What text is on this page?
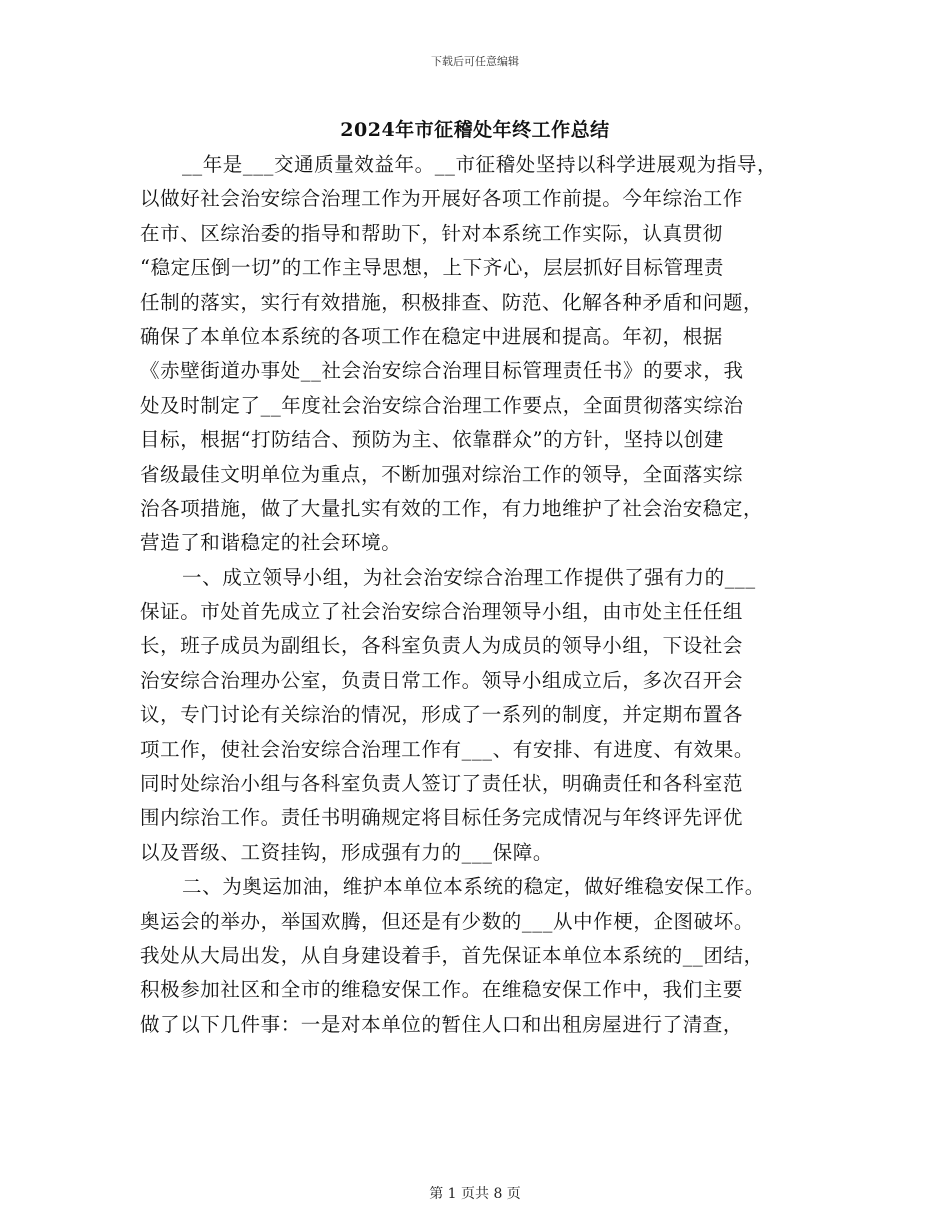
下载后可任意编辑
2024年市征稽处年终工作总结
__年是___交通质量效益年。__市征稽处坚持以科学进展观为指导，
以做好社会治安综合治理工作为开展好各项工作前提。今年综治工作
在市、区综治委的指导和帮助下，针对本系统工作实际，认真贯彻
“稳定压倒一切”的工作主导思想，上下齐心，层层抓好目标管理责
任制的落实，实行有效措施，积极排查、防范、化解各种矛盾和问题，
确保了本单位本系统的各项工作在稳定中进展和提高。年初，根据
《赤壁街道办事处__社会治安综合治理目标管理责任书》的要求，我
处及时制定了__年度社会治安综合治理工作要点，全面贯彻落实综治
目标，根据“打防结合、预防为主、依靠群众”的方针，坚持以创建
省级最佳文明单位为重点，不断加强对综治工作的领导，全面落实综
治各项措施，做了大量扎实有效的工作，有力地维护了社会治安稳定，
营造了和谐稳定的社会环境。
一、成立领导小组，为社会治安综合治理工作提供了强有力的___
保证。市处首先成立了社会治安综合治理领导小组，由市处主任任组
长，班子成员为副组长，各科室负责人为成员的领导小组，下设社会
治安综合治理办公室，负责日常工作。领导小组成立后，多次召开会
议，专门讨论有关综治的情况，形成了一系列的制度，并定期布置各
项工作，使社会治安综合治理工作有___、有安排、有进度、有效果。
同时处综治小组与各科室负责人签订了责任状，明确责任和各科室范
围内综治工作。责任书明确规定将目标任务完成情况与年终评先评优
以及晋级、工资挂钩，形成强有力的___保障。
二、为奥运加油，维护本单位本系统的稳定，做好维稳安保工作。
奥运会的举办，举国欢腾，但还是有少数的___从中作梗，企图破坏。
我处从大局出发，从自身建设着手，首先保证本单位本系统的__团结，
积极参加社区和全市的维稳安保工作。在维稳安保工作中，我们主要
做了以下几件事：一是对本单位的暂住人口和出租房屋进行了清查，
第 1 页共 8 页
